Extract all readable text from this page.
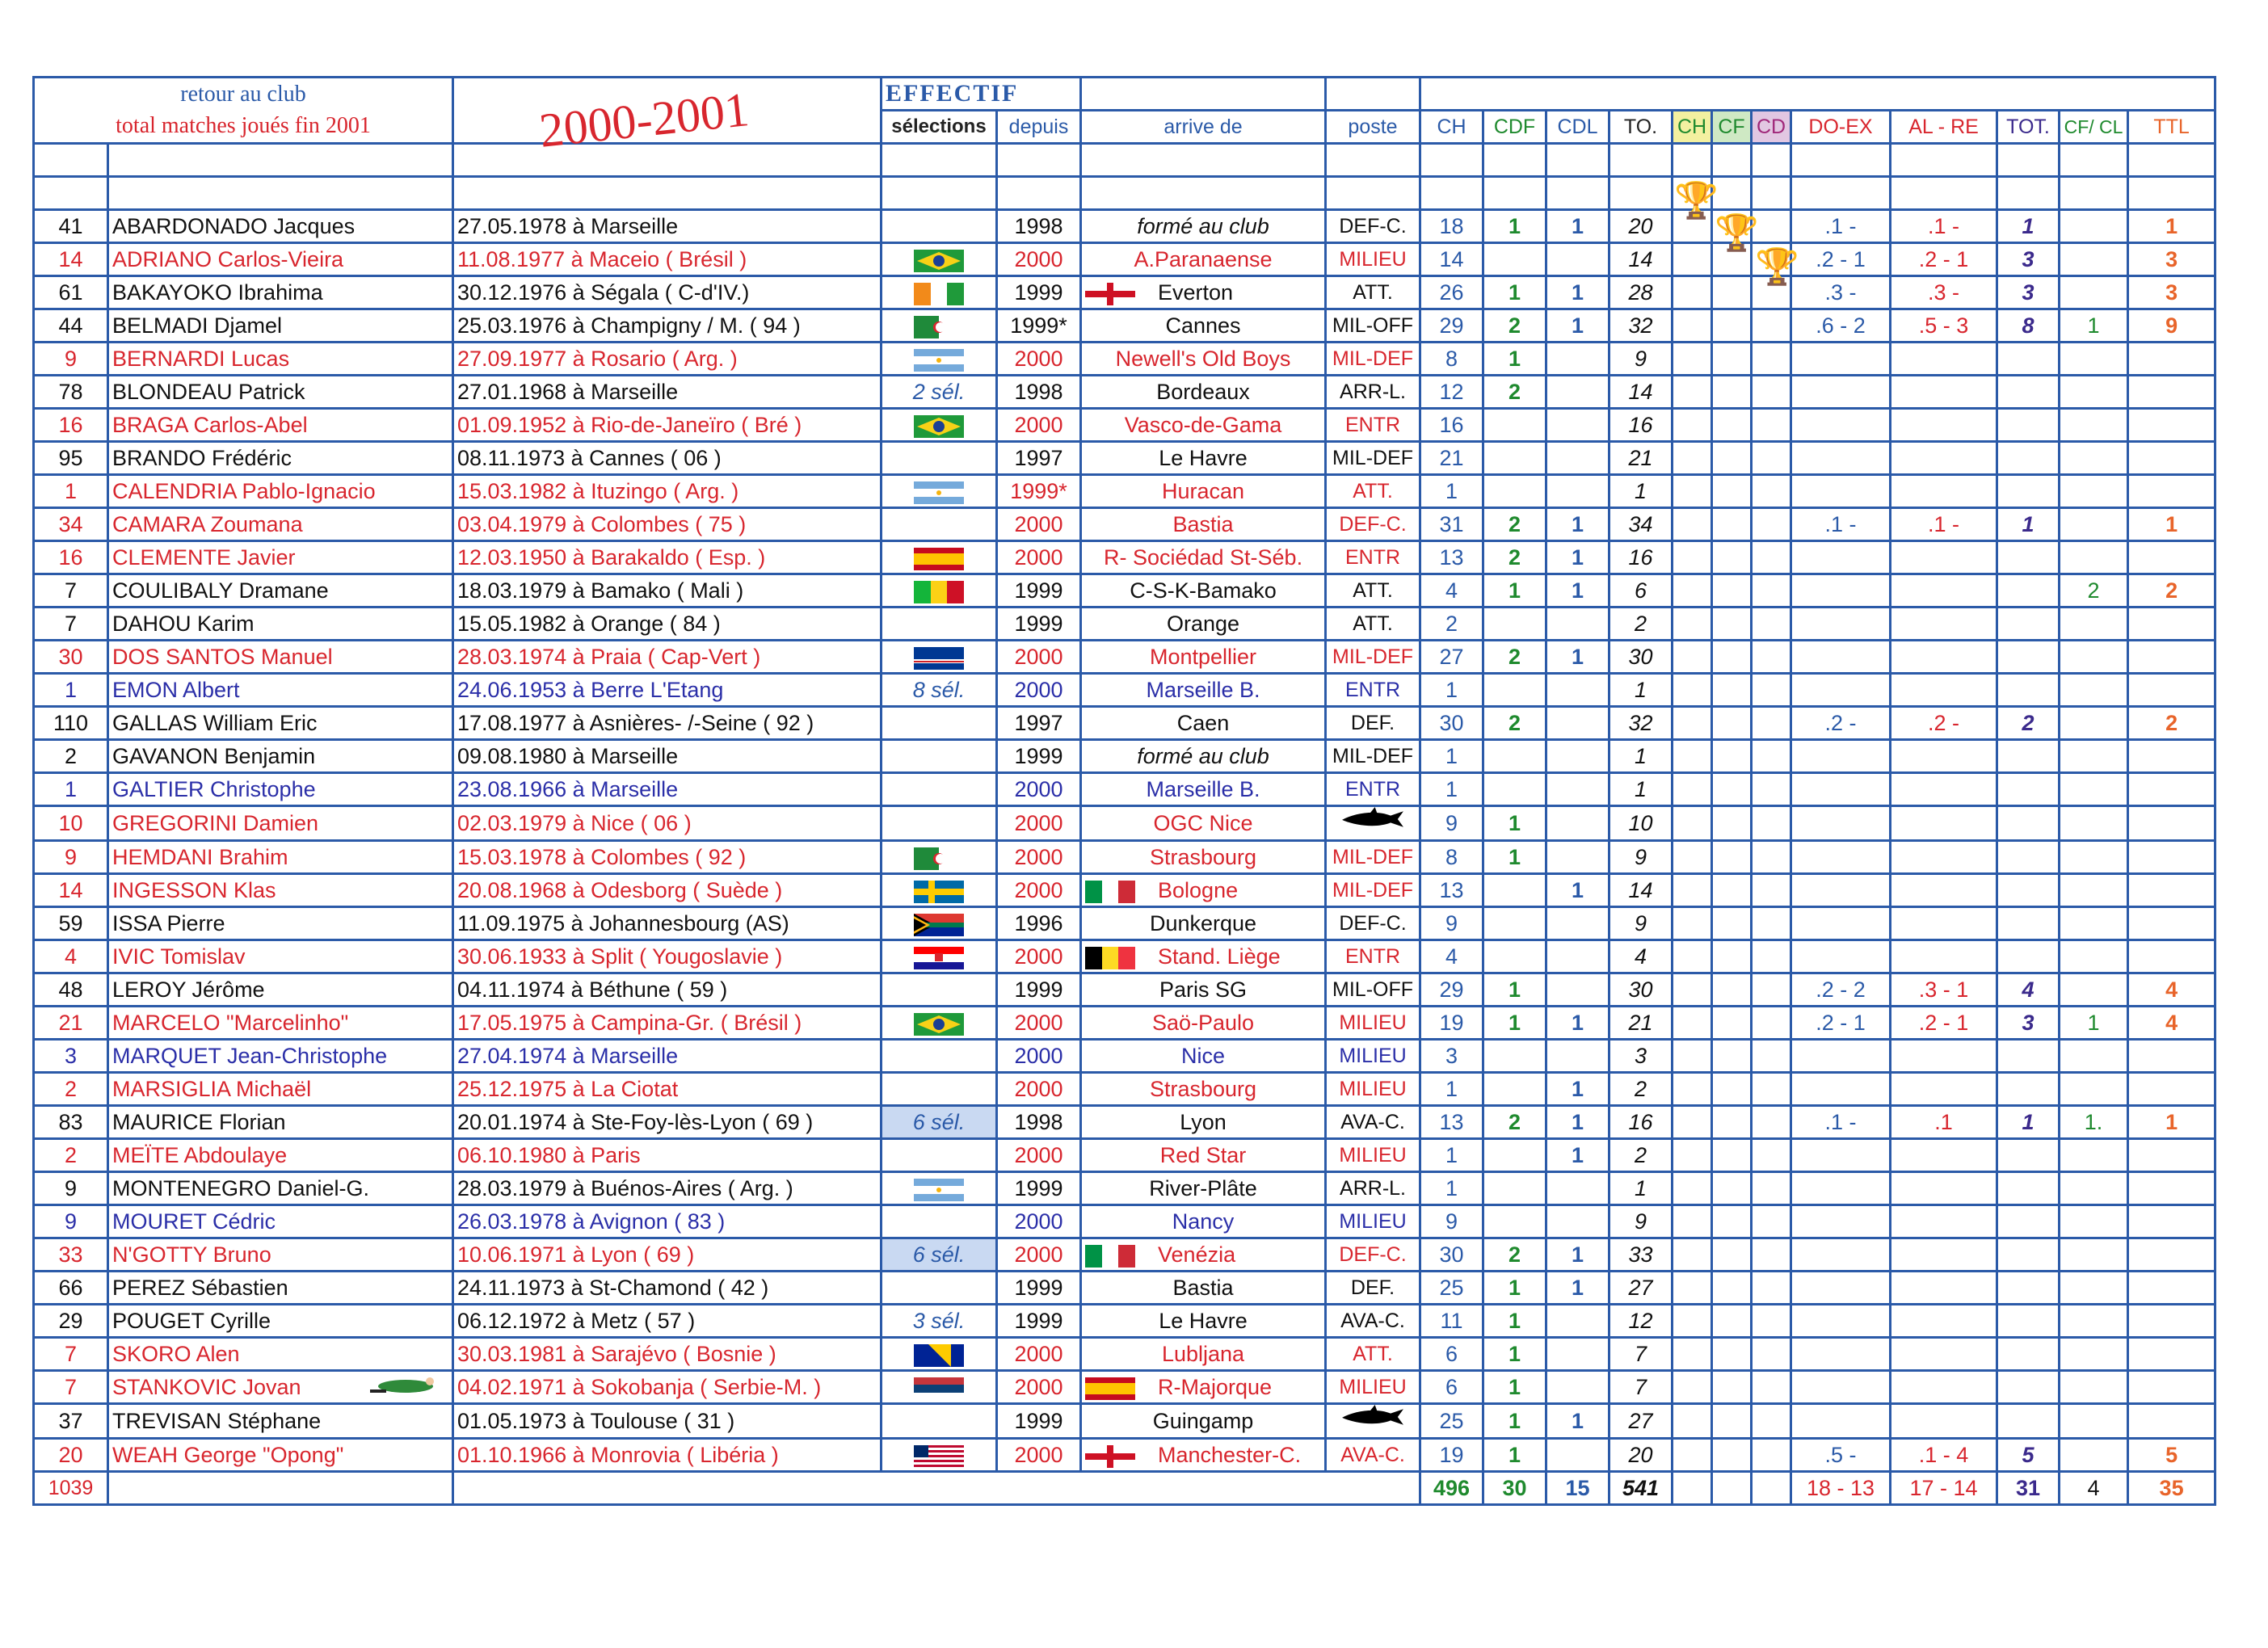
retour au club			EFFECTIF															
total matches joués fin 2001			sélections	depuis	arrive de	poste	CH	CDF	CDL	TO.	CH	CF	CD	DO-EX	AL - RE	TOT.	CF/ CL	TTL

41	ABARDONADO Jacques	27.05.1978 à Marseille		1998	formé au club	DEF-C.	18	1	1	20				.1 -	.1 -	1		1
14	ADRIANO Carlos-Vieira	11.08.1977 à Maceio ( Brésil )		2000	A.Paranaense	MILIEU	14			14				.2 - 1	.2 - 1	3		3
61	BAKAYOKO Ibrahima	30.12.1976 à Ségala ( C-d'IV.)		1999	Everton	ATT.	26	1	1	28				.3 -	.3 -	3		3
44	BELMADI Djamel	25.03.1976 à Champigny / M. ( 94 )		1999*	Cannes	MIL-OFF	29	2	1	32				.6 - 2	.5 - 3	8	1	9
9	BERNARDI Lucas	27.09.1977 à Rosario ( Arg. )		2000	Newell's Old Boys	MIL-DEF	8	1		9								
78	BLONDEAU Patrick	27.01.1968 à Marseille	2 sél.	1998	Bordeaux	ARR-L.	12	2		14								
16	BRAGA Carlos-Abel	01.09.1952 à Rio-de-Janeïro ( Bré )		2000	Vasco-de-Gama	ENTR	16			16								
95	BRANDO Frédéric	08.11.1973 à Cannes ( 06 )		1997	Le Havre	MIL-DEF	21			21								
1	CALENDRIA Pablo-Ignacio	15.03.1982 à Ituzingo ( Arg. )		1999*	Huracan	ATT.	1			1								
34	CAMARA Zoumana	03.04.1979 à Colombes ( 75 )		2000	Bastia	DEF-C.	31	2	1	34				.1 -	.1 -	1		1
16	CLEMENTE Javier	12.03.1950 à Barakaldo ( Esp. )		2000	R- Sociédad St-Séb.	ENTR	13	2	1	16								
7	COULIBALY Dramane	18.03.1979 à Bamako ( Mali )		1999	C-S-K-Bamako	ATT.	4	1	1	6							2	2
7	DAHOU Karim	15.05.1982 à Orange ( 84 )		1999	Orange	ATT.	2			2								
30	DOS SANTOS Manuel	28.03.1974 à Praia ( Cap-Vert )		2000	Montpellier	MIL-DEF	27	2	1	30								
1	EMON Albert	24.06.1953 à Berre L'Etang	8 sél.	2000	Marseille B.	ENTR	1			1								
110	GALLAS William Eric	17.08.1977 à Asnières- /-Seine ( 92 )		1997	Caen	DEF.	30	2		32				.2 -	.2 -	2		2
2	GAVANON Benjamin	09.08.1980 à Marseille		1999	formé au club	MIL-DEF	1			1								
1	GALTIER Christophe	23.08.1966 à Marseille		2000	Marseille B.	ENTR	1			1								
10	GREGORINI Damien	02.03.1979 à Nice ( 06 )		2000	OGC Nice		9	1		10								
9	HEMDANI Brahim	15.03.1978 à Colombes ( 92 )		2000	Strasbourg	MIL-DEF	8	1		9								
14	INGESSON Klas	20.08.1968 à Odesborg ( Suède )		2000	Bologne	MIL-DEF	13		1	14								
59	ISSA Pierre	11.09.1975 à Johannesbourg (AS)		1996	Dunkerque	DEF-C.	9			9								
4	IVIC Tomislav	30.06.1933 à Split ( Yougoslavie )		2000	Stand. Liège	ENTR	4			4								
48	LEROY Jérôme	04.11.1974 à Béthune ( 59 )		1999	Paris SG	MIL-OFF	29	1		30				.2 - 2	.3 - 1	4		4
21	MARCELO "Marcelinho"	17.05.1975 à Campina-Gr. ( Brésil )		2000	Saö-Paulo	MILIEU	19	1	1	21				.2 - 1	.2 - 1	3	1	4
3	MARQUET Jean-Christophe	27.04.1974 à Marseille		2000	Nice	MILIEU	3			3								
2	MARSIGLIA Michaël	25.12.1975 à La Ciotat		2000	Strasbourg	MILIEU	1		1	2								
83	MAURICE Florian	20.01.1974 à Ste-Foy-lès-Lyon ( 69 )	6 sél.	1998	Lyon	AVA-C.	13	2	1	16				.1 -	.1	1	1.	1
2	MEÏTE Abdoulaye	06.10.1980 à Paris		2000	Red Star	MILIEU	1		1	2								
9	MONTENEGRO Daniel-G.	28.03.1979 à Buénos-Aires ( Arg. )		1999	River-Plâte	ARR-L.	1			1								
9	MOURET Cédric	26.03.1978 à Avignon ( 83 )		2000	Nancy	MILIEU	9			9								
33	N'GOTTY Bruno	10.06.1971 à Lyon ( 69 )	6 sél.	2000	Venézia	DEF-C.	30	2	1	33								
66	PEREZ Sébastien	24.11.1973 à St-Chamond ( 42 )		1999	Bastia	DEF.	25	1	1	27								
29	POUGET Cyrille	06.12.1972 à Metz ( 57 )	3 sél.	1999	Le Havre	AVA-C.	11	1		12								
7	SKORO Alen	30.03.1981 à Sarajévo ( Bosnie )		2000	Lubljana	ATT.	6	1		7								
7	STANKOVIC Jovan	04.02.1971 à Sokobanja ( Serbie-M. )		2000	R-Majorque	MILIEU	6	1		7								
37	TREVISAN Stéphane	01.05.1973 à Toulouse ( 31 )		1999	Guingamp		25	1	1	27								
20	WEAH George "Opong"	01.10.1966 à Monrovia ( Libéria )		2000	Manchester-C.	AVA-C.	19	1		20				.5 -	.1 - 4	5		5
1039							496	30	15	541				18 - 13	17 - 14	31	4	35
2000-2001
🏆
🏆
🏆
